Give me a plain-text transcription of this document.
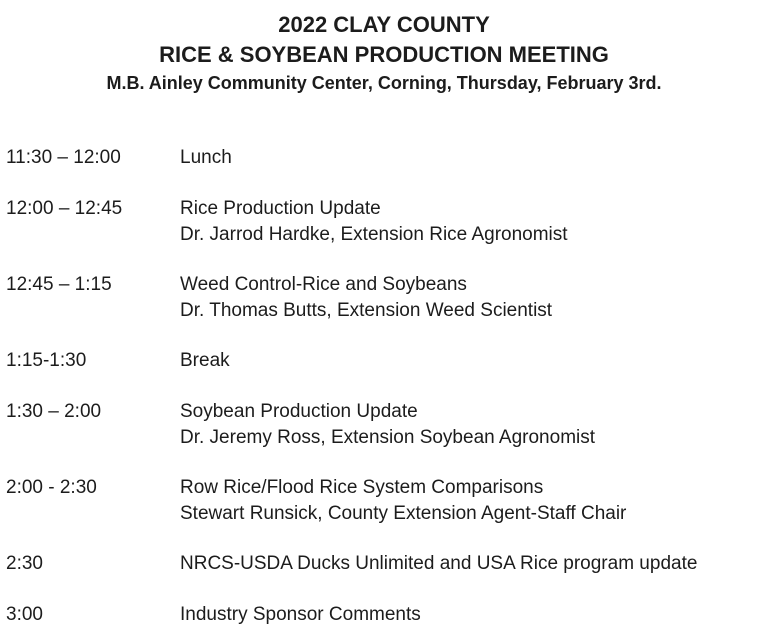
2022 CLAY COUNTY
RICE & SOYBEAN PRODUCTION MEETING
M.B. Ainley Community Center, Corning, Thursday, February 3rd.
11:30 – 12:00	Lunch
12:00 – 12:45	Rice Production Update
Dr. Jarrod Hardke, Extension Rice Agronomist
12:45 – 1:15	Weed Control-Rice and Soybeans
Dr. Thomas Butts, Extension Weed Scientist
1:15-1:30	Break
1:30 – 2:00	Soybean Production Update
Dr. Jeremy Ross, Extension Soybean Agronomist
2:00 - 2:30	Row Rice/Flood Rice System Comparisons
Stewart Runsick, County Extension Agent-Staff Chair
2:30	NRCS-USDA Ducks Unlimited and USA Rice program update
3:00	Industry Sponsor Comments
